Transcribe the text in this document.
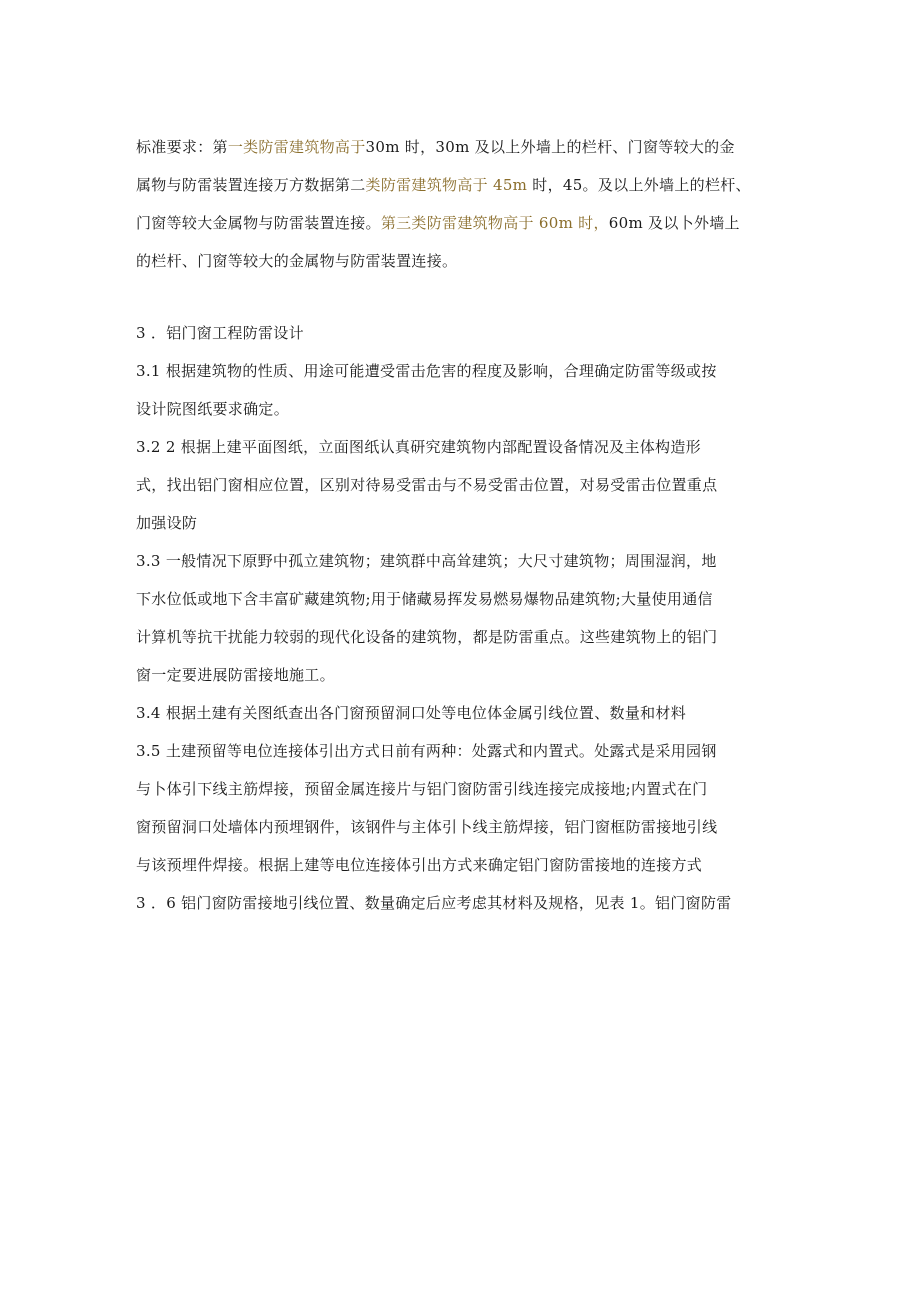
标准要求：第一类防雷建筑物高于30m 时，30m 及以上外墙上的栏杆、门窗等较大的金
属物与防雷装置连接万方数据第二类防雷建筑物高于 45m 时，45。及以上外墙上的栏杆、
门窗等较大金属物与防雷装置连接。第三类防雷建筑物高于 60m 时，60m 及以卜外墙上
的栏杆、门窗等较大的金属物与防雷装置连接。
3 ．铝门窗工程防雷设计
3.1 根据建筑物的性质、用途可能遭受雷击危害的程度及影响，合理确定防雷等级或按
设计院图纸要求确定。
3.2 2 根据上建平面图纸，立面图纸认真研究建筑物内部配置设备情况及主体构造形
式，找出铝门窗相应位置，区别对待易受雷击与不易受雷击位置，对易受雷击位置重点
加强设防
3.3 一般情况下原野中孤立建筑物；建筑群中高耸建筑；大尺寸建筑物；周围湿润，地
下水位低或地下含丰富矿藏建筑物;用于储藏易挥发易燃易爆物品建筑物;大量使用通信
计算机等抗干扰能力较弱的现代化设备的建筑物，都是防雷重点。这些建筑物上的铝门
窗一定要进展防雷接地施工。
3.4 根据土建有关图纸查出各门窗预留洞口处等电位体金属引线位置、数量和材料
3.5 土建预留等电位连接体引出方式日前有两种：处露式和内置式。处露式是采用园钢
与卜体引下线主筋焊接，预留金属连接片与铝门窗防雷引线连接完成接地;内置式在门
窗预留洞口处墙体内预埋钢件，该钢件与主体引卜线主筋焊接，铝门窗框防雷接地引线
与该预埋件焊接。根据上建等电位连接体引出方式来确定铝门窗防雷接地的连接方式
3 ．6 铝门窗防雷接地引线位置、数量确定后应考虑其材料及规格，见表 1。铝门窗防雷
